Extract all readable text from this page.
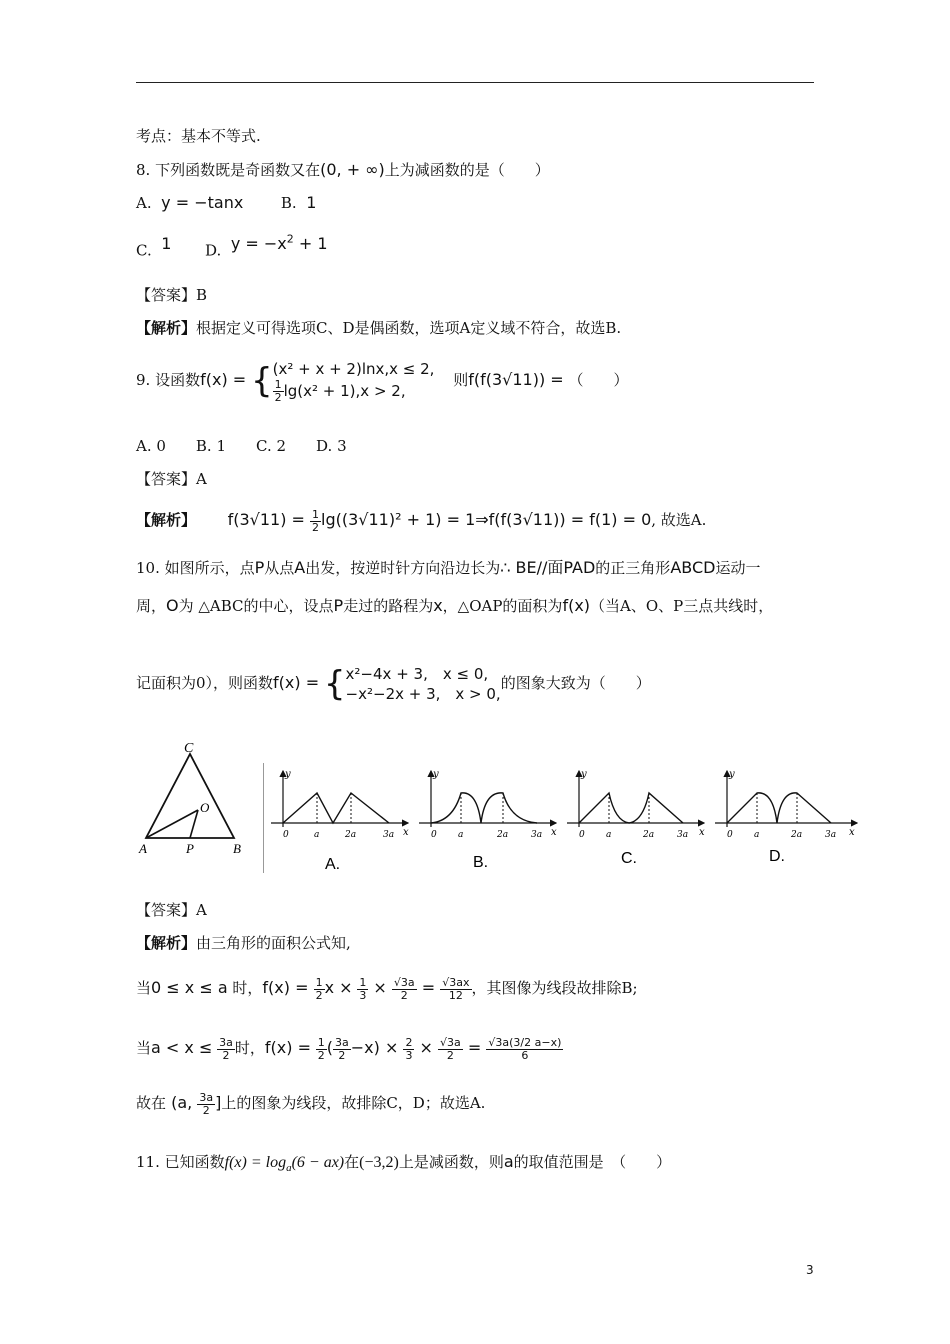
考点：基本不等式.
8. 下列函数既是奇函数又在(0, + ∞)上为减函数的是（　　）
A. y = −tanx	B. 1
C. 1 D. $y = -x^2 + 1$
【答案】B
【解析】根据定义可得选项C、D是偶函数，选项A定义域不符合，故选B.
9. 设函数f(x) = { (x² + x + 2)lnx,x ≤ 2,
$\frac{1}{2} \lg(x^2 + 1),x > 2$,
则f(f(3√11)) = （　　）
A. 0　　B. 1　　C. 2　　D. 3
【答案】A
【解析】 $f(3√11) = \frac{1}{2} \lg((3√11)^2 + 1)$ = 1⇒f(f(3√11)) = f(1) = 0, 故选A.
10. 如图所示，点P从点A出发，按逆时针方向沿边长为∴ BE//面PAD的正三角形ABCD运动一
周，O为 △ABC的中心，设点P走过的路程为x，△OAP的面积为f(x)（当A、O、P三点共线时，
记面积为0），则函数f(x) = { x²−4x + 3,　x ≤ 0,
−x²−2x + 3,　x > 0,
的图象大致为（　　）
C
O
A	P	B
y
x
0	a	2a	3a
A.
y
x
0 a	2a	3a
B.
y
x
0 a	2a	3a
C.
y
x
0 a	2a	3a
D.
【答案】A
【解析】由三角形的面积公式知,
当0 ≤ x ≤ a 时，$f(x) = \frac{1}{2}$ $x \times \frac{1}{3} \times \frac{√3a}{2} = \frac{√3ax}{12}$ ，其图像为线段故排除B;
当$a < x \le \frac{3a}{2}$ 时，$f(x) = \frac{1}{2}$ ( $\frac{3a}{2} -x) \times \frac{2}{3} \times \frac{√3a}{2} = \frac{√3a(3/2 a-x)}{6}$
故在 (a, $\frac{3a}{2}$ ]上的图象为线段，故排除C，D；故选A.
11. 已知函数$f(x) = \log_a(6 - ax)$在(−3,2)上是减函数，则a的取值范围是　（　　）
3
